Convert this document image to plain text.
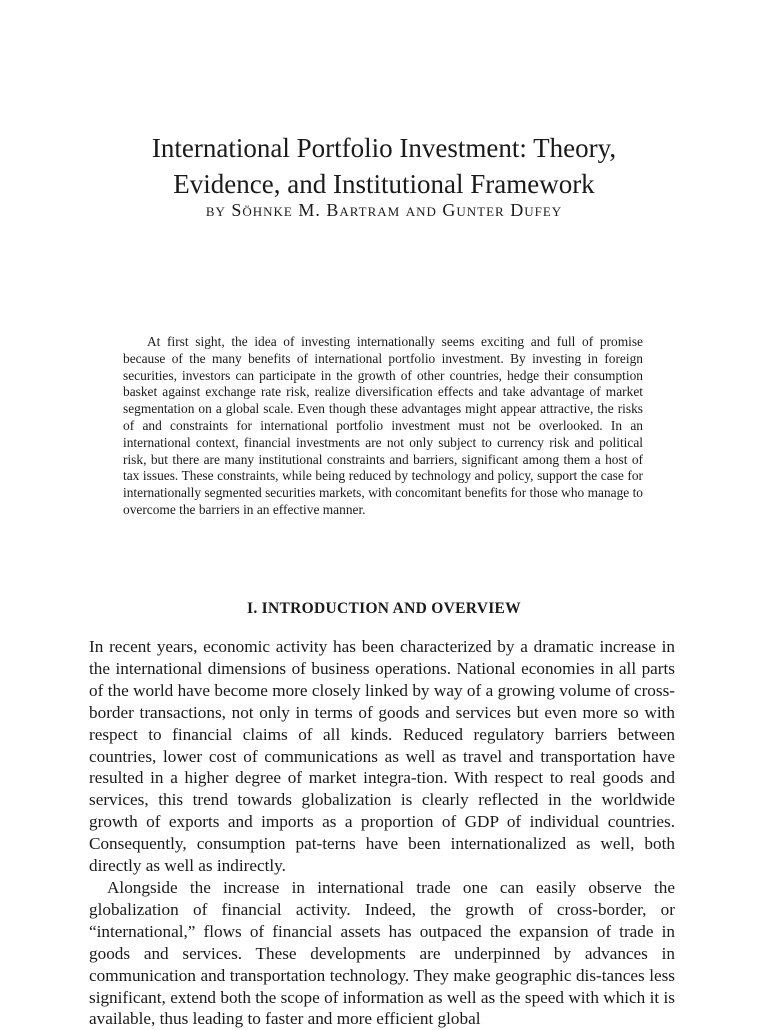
International Portfolio Investment: Theory,
Evidence, and Institutional Framework

by Söhnke M. Bartram and Gunter Dufey

At first sight, the idea of investing internationally seems exciting and full of promise because of the many benefits of international portfolio investment. By investing in foreign securities, investors can participate in the growth of other countries, hedge their consumption basket against exchange rate risk, realize diversification effects and take advantage of market segmentation on a global scale. Even though these advantages might appear attractive, the risks of and constraints for international portfolio investment must not be overlooked. In an international context, financial investments are not only subject to currency risk and political risk, but there are many institutional constraints and barriers, significant among them a host of tax issues. These constraints, while being reduced by technology and policy, support the case for internationally segmented securities markets, with concomitant benefits for those who manage to overcome the barriers in an effective manner.

I. INTRODUCTION AND OVERVIEW

In recent years, economic activity has been characterized by a dramatic increase in the international dimensions of business operations. National economies in all parts of the world have become more closely linked by way of a growing volume of cross-border transactions, not only in terms of goods and services but even more so with respect to financial claims of all kinds. Reduced regulatory barriers between countries, lower cost of communications as well as travel and transportation have resulted in a higher degree of market integra-tion. With respect to real goods and services, this trend towards globalization is clearly reflected in the worldwide growth of exports and imports as a proportion of GDP of individual countries. Consequently, consumption pat-terns have been internationalized as well, both directly as well as indirectly.

Alongside the increase in international trade one can easily observe the globalization of financial activity. Indeed, the growth of cross-border, or “international,” flows of financial assets has outpaced the expansion of trade in goods and services. These developments are underpinned by advances in communication and transportation technology. They make geographic dis-tances less significant, extend both the scope of information as well as the speed with which it is available, thus leading to faster and more efficient global
